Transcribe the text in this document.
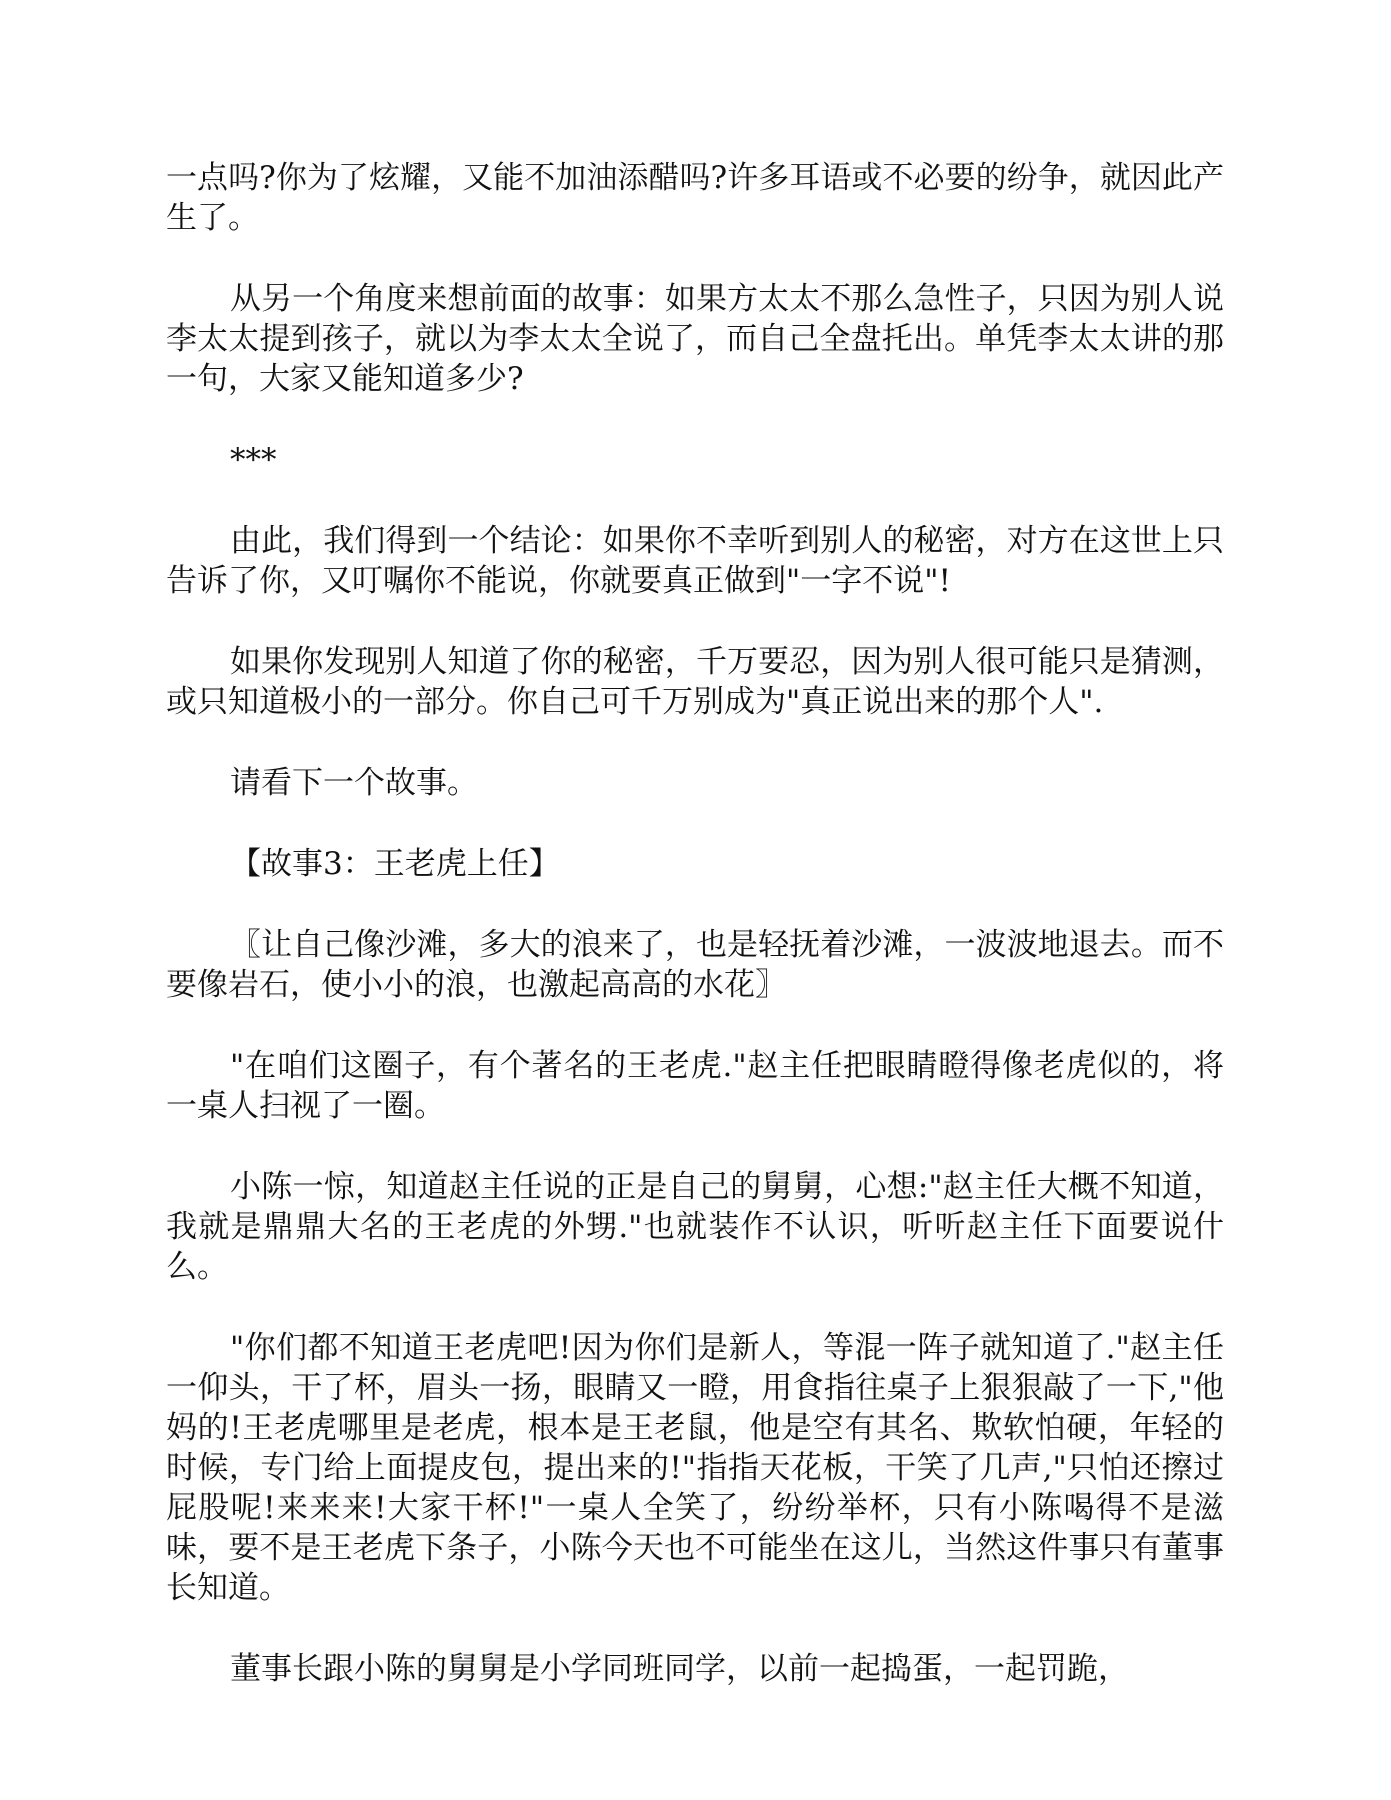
一点吗?你为了炫耀，又能不加油添醋吗?许多耳语或不必要的纷争，就因此产生了。

从另一个角度来想前面的故事：如果方太太不那么急性子，只因为别人说李太太提到孩子，就以为李太太全说了，而自己全盘托出。单凭李太太讲的那一句，大家又能知道多少?

***

由此，我们得到一个结论：如果你不幸听到别人的秘密，对方在这世上只告诉了你，又叮嘱你不能说，你就要真正做到"一字不说"!

如果你发现别人知道了你的秘密，千万要忍，因为别人很可能只是猜测，或只知道极小的一部分。你自己可千万别成为"真正说出来的那个人".

请看下一个故事。

【故事3：王老虎上任】

〖让自己像沙滩，多大的浪来了，也是轻抚着沙滩，一波波地退去。而不要像岩石，使小小的浪，也激起高高的水花〗

"在咱们这圈子，有个著名的王老虎."赵主任把眼睛瞪得像老虎似的，将一桌人扫视了一圈。

小陈一惊，知道赵主任说的正是自己的舅舅，心想:"赵主任大概不知道，我就是鼎鼎大名的王老虎的外甥."也就装作不认识，听听赵主任下面要说什么。

"你们都不知道王老虎吧!因为你们是新人，等混一阵子就知道了."赵主任一仰头，干了杯，眉头一扬，眼睛又一瞪，用食指往桌子上狠狠敲了一下,"他妈的!王老虎哪里是老虎，根本是王老鼠，他是空有其名、欺软怕硬，年轻的时候，专门给上面提皮包，提出来的!"指指天花板，干笑了几声,"只怕还擦过屁股呢!来来来!大家干杯!"一桌人全笑了，纷纷举杯，只有小陈喝得不是滋味，要不是王老虎下条子，小陈今天也不可能坐在这儿，当然这件事只有董事长知道。

董事长跟小陈的舅舅是小学同班同学，以前一起捣蛋，一起罚跪，
